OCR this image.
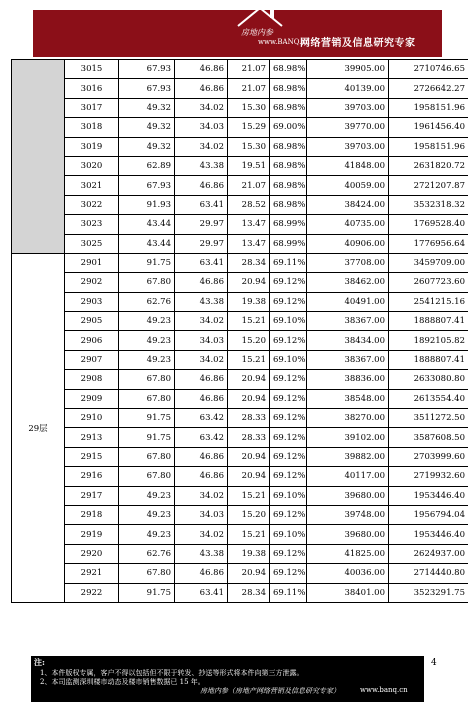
房地内参
www.BANQ.cn
网络营销及信息研究专家
	3015	67.93	46.86	21.07	68.98%	39905.00	2710746.65
	3016	67.93	46.86	21.07	68.98%	40139.00	2726642.27
	3017	49.32	34.02	15.30	68.98%	39703.00	1958151.96
	3018	49.32	34.03	15.29	69.00%	39770.00	1961456.40
	3019	49.32	34.02	15.30	68.98%	39703.00	1958151.96
	3020	62.89	43.38	19.51	68.98%	41848.00	2631820.72
	3021	67.93	46.86	21.07	68.98%	40059.00	2721207.87
	3022	91.93	63.41	28.52	68.98%	38424.00	3532318.32
	3023	43.44	29.97	13.47	68.99%	40735.00	1769528.40
	3025	43.44	29.97	13.47	68.99%	40906.00	1776956.64
29层	2901	91.75	63.41	28.34	69.11%	37708.00	3459709.00
	2902	67.80	46.86	20.94	69.12%	38462.00	2607723.60
	2903	62.76	43.38	19.38	69.12%	40491.00	2541215.16
	2905	49.23	34.02	15.21	69.10%	38367.00	1888807.41
	2906	49.23	34.03	15.20	69.12%	38434.00	1892105.82
	2907	49.23	34.02	15.21	69.10%	38367.00	1888807.41
	2908	67.80	46.86	20.94	69.12%	38836.00	2633080.80
	2909	67.80	46.86	20.94	69.12%	38548.00	2613554.40
	2910	91.75	63.42	28.33	69.12%	38270.00	3511272.50
	2913	91.75	63.42	28.33	69.12%	39102.00	3587608.50
	2915	67.80	46.86	20.94	69.12%	39882.00	2703999.60
	2916	67.80	46.86	20.94	69.12%	40117.00	2719932.60
	2917	49.23	34.02	15.21	69.10%	39680.00	1953446.40
	2918	49.23	34.03	15.20	69.12%	39748.00	1956794.04
	2919	49.23	34.02	15.21	69.10%	39680.00	1953446.40
	2920	62.76	43.38	19.38	69.12%	41825.00	2624937.00
	2921	67.80	46.86	20.94	69.12%	40036.00	2714440.80
	2922	91.75	63.41	28.34	69.11%	38401.00	3523291.75
注:
1、本件版权专属，客户不得以包括但不限于转发、抄送等形式将本件向第三方泄露。
2、本司监测深圳楼市动态及楼市销售数据已 15 年。
4
房地内参（房地产网络营销及信息研究专家）	www.banq.cn
